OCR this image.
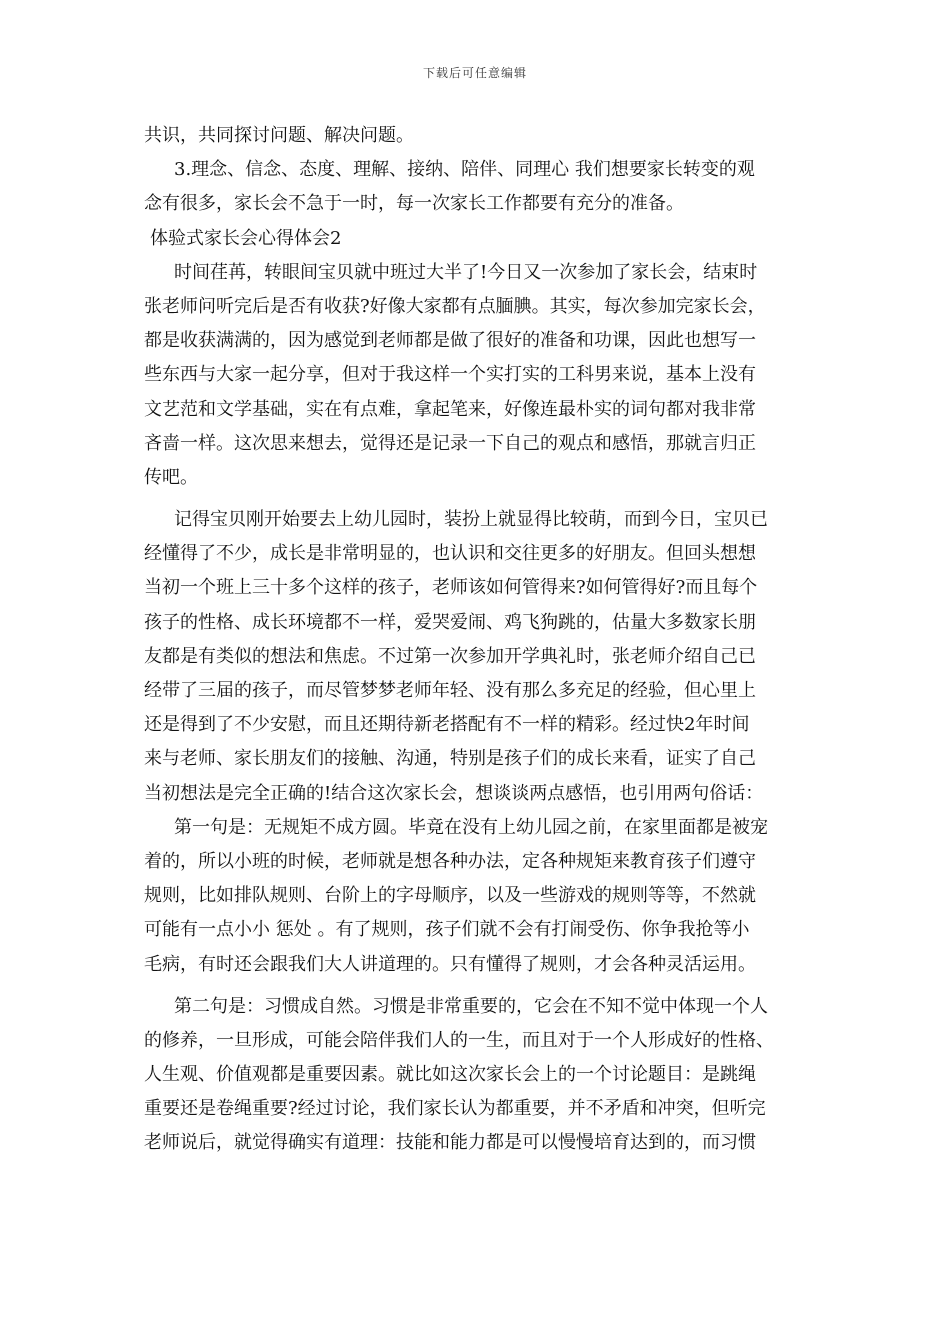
下载后可任意编辑
共识，共同探讨问题、解决问题。
3.理念、信念、态度、理解、接纳、陪伴、同理心 我们想要家长转变的观
念有很多，家长会不急于一时，每一次家长工作都要有充分的准备。
体验式家长会心得体会2
时间荏苒，转眼间宝贝就中班过大半了!今日又一次参加了家长会，结束时
张老师问听完后是否有收获?好像大家都有点腼腆。其实，每次参加完家长会，
都是收获满满的，因为感觉到老师都是做了很好的准备和功课，因此也想写一
些东西与大家一起分享，但对于我这样一个实打实的工科男来说，基本上没有
文艺范和文学基础，实在有点难，拿起笔来，好像连最朴实的词句都对我非常
吝啬一样。这次思来想去，觉得还是记录一下自己的观点和感悟，那就言归正
传吧。
记得宝贝刚开始要去上幼儿园时，装扮上就显得比较萌，而到今日，宝贝已
经懂得了不少，成长是非常明显的，也认识和交往更多的好朋友。但回头想想
当初一个班上三十多个这样的孩子，老师该如何管得来?如何管得好?而且每个
孩子的性格、成长环境都不一样，爱哭爱闹、鸡飞狗跳的，估量大多数家长朋
友都是有类似的想法和焦虑。不过第一次参加开学典礼时，张老师介绍自己已
经带了三届的孩子，而尽管梦梦老师年轻、没有那么多充足的经验，但心里上
还是得到了不少安慰，而且还期待新老搭配有不一样的精彩。经过快2年时间
来与老师、家长朋友们的接触、沟通，特别是孩子们的成长来看，证实了自己
当初想法是完全正确的!结合这次家长会，想谈谈两点感悟，也引用两句俗话：
第一句是：无规矩不成方圆。毕竟在没有上幼儿园之前，在家里面都是被宠
着的，所以小班的时候，老师就是想各种办法，定各种规矩来教育孩子们遵守
规则，比如排队规则、台阶上的字母顺序，以及一些游戏的规则等等，不然就
可能有一点小小 惩处 。有了规则，孩子们就不会有打闹受伤、你争我抢等小
毛病，有时还会跟我们大人讲道理的。只有懂得了规则，才会各种灵活运用。
第二句是：习惯成自然。习惯是非常重要的，它会在不知不觉中体现一个人
的修养，一旦形成，可能会陪伴我们人的一生，而且对于一个人形成好的性格、
人生观、价值观都是重要因素。就比如这次家长会上的一个讨论题目：是跳绳
重要还是卷绳重要?经过讨论，我们家长认为都重要，并不矛盾和冲突，但听完
老师说后，就觉得确实有道理：技能和能力都是可以慢慢培育达到的，而习惯
